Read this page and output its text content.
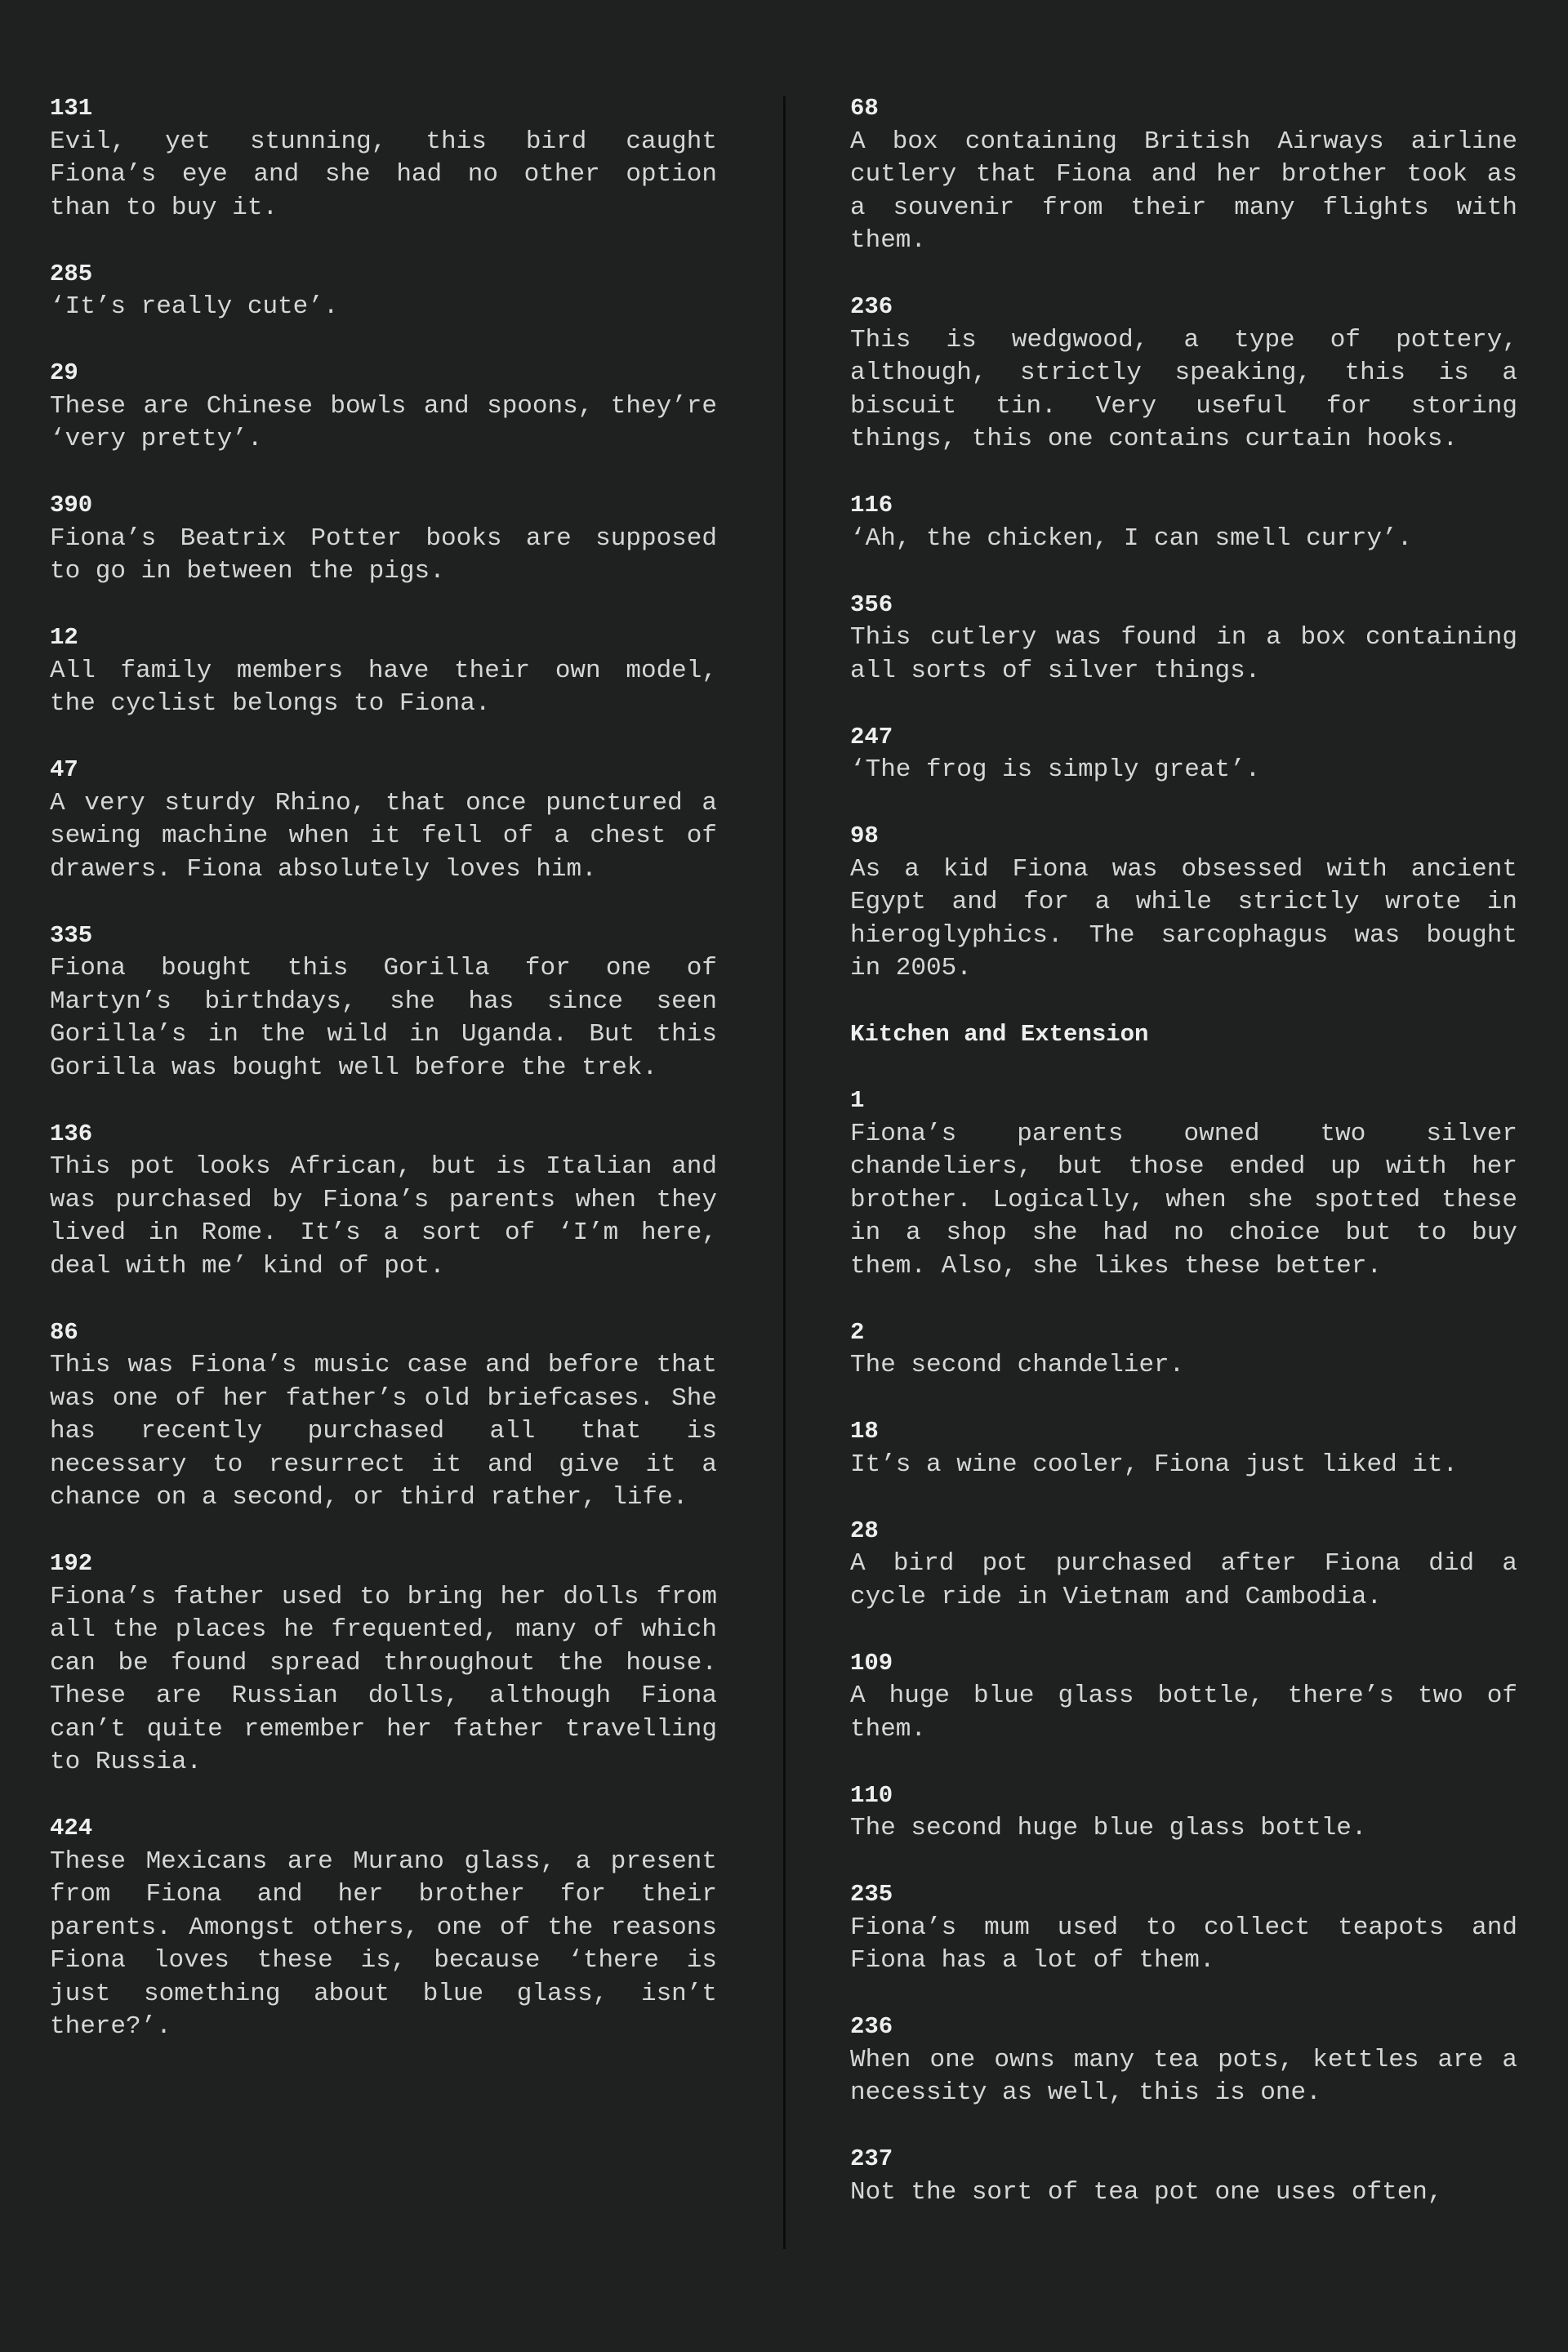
131

Evil, yet stunning, this bird caught Fiona’s eye and she had no other option than to buy it.

285

‘It’s really cute’.

29

These are Chinese bowls and spoons, they’re ‘very pretty’.

390

Fiona’s Beatrix Potter books are supposed to go in between the pigs.

12

All family members have their own model, the cyclist belongs to Fiona.

47

A very sturdy Rhino, that once punctured a sewing machine when it fell of a chest of drawers. Fiona absolutely loves him.

335

Fiona bought this Gorilla for one of Martyn’s birthdays, she has since seen Gorilla’s in the wild in Uganda. But this Gorilla was bought well before the trek.

136

This pot looks African, but is Italian and was purchased by Fiona’s parents when they lived in Rome. It’s a sort of ‘I’m here, deal with me’ kind of pot.

86

This was Fiona’s music case and before that was one of her father’s old briefcases. She has recently purchased all that is necessary to resurrect it and give it a chance on a second, or third rather, life.

192

Fiona’s father used to bring her dolls from all the places he frequented, many of which can be found spread throughout the house. These are Russian dolls, although Fiona can’t quite remember her father travelling to Russia.

424

These Mexicans are Murano glass, a present from Fiona and her brother for their parents. Amongst others, one of the reasons Fiona loves these is, because ‘there is just something about blue glass, isn’t there?’.

68

A box containing British Airways airline cutlery that Fiona and her brother took as a souvenir from their many flights with them.

236

This is wedgwood, a type of pottery, although, strictly speaking, this is a biscuit tin. Very useful for storing things, this one contains curtain hooks.

116

‘Ah, the chicken, I can smell curry’.

356

This cutlery was found in a box containing all sorts of silver things.

247

‘The frog is simply great’.

98

As a kid Fiona was obsessed with ancient Egypt and for a while strictly wrote in hieroglyphics. The sarcophagus was bought in 2005.

Kitchen and Extension

1

Fiona’s parents owned two silver chandeliers, but those ended up with her brother. Logically, when she spotted these in a shop she had no choice but to buy them. Also, she likes these better.

2

The second chandelier.

18

It’s a wine cooler, Fiona just liked it.

28

A bird pot purchased after Fiona did a cycle ride in Vietnam and Cambodia.

109

A huge blue glass bottle, there’s two of them.

110

The second huge blue glass bottle.

235

Fiona’s mum used to collect teapots and Fiona has a lot of them.

236

When one owns many tea pots, kettles are a necessity as well, this is one.

237

Not the sort of tea pot one uses often,
